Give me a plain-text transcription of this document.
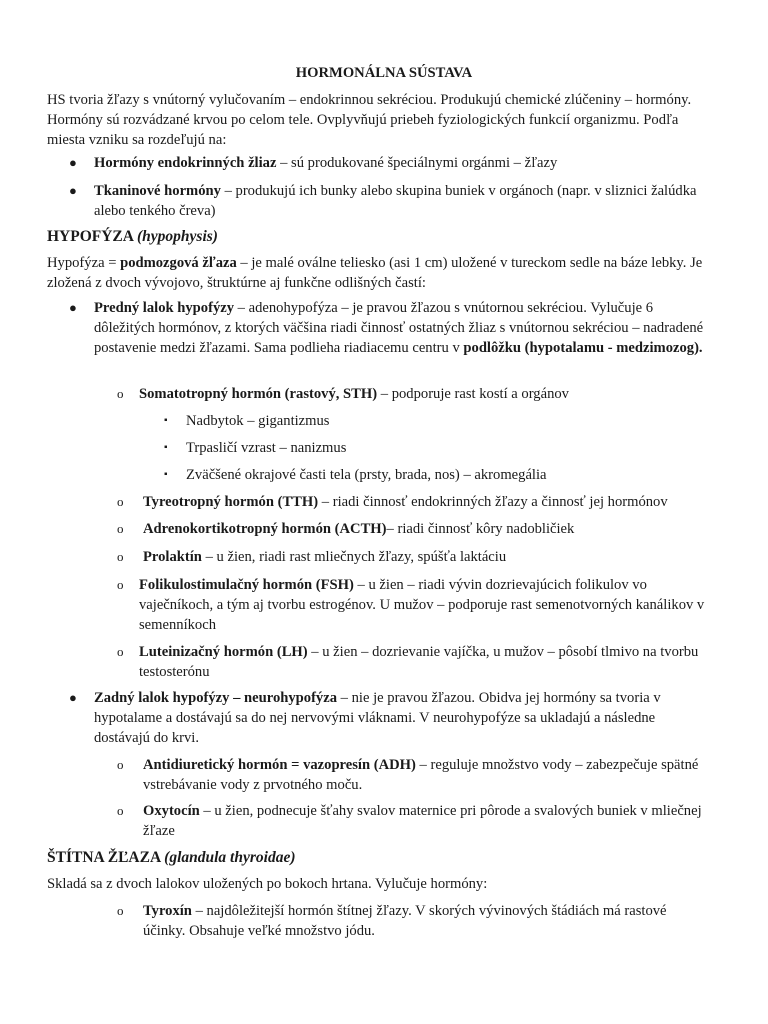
HORMONÁLNA SÚSTAVA
HS tvoria žľazy s vnútorný vylučovaním – endokrinnou sekréciou. Produkujú chemické zlúčeniny – hormóny. Hormóny sú rozvádzané krvou po celom tele. Ovplyvňujú priebeh fyziologických funkcií organizmu. Podľa miesta vzniku sa rozdeľujú na:
● Hormóny endokrinných žliaz – sú produkované špeciálnymi orgánmi – žľazy
● Tkaninové hormóny – produkujú ich bunky alebo skupina buniek v orgánoch (napr. v sliznici žalúdka alebo tenkého čreva)
HYPOFÝZA (hypophysis)
Hypofýza = podmozgová žľaza – je malé oválne teliesko (asi 1 cm) uložené v tureckom sedle na báze lebky. Je zložená z dvoch vývojovo, štruktúrne aj funkčne odlišných častí:
● Predný lalok hypofýzy – adenohypofýza – je pravou žľazou s vnútornou sekréciou. Vylučuje 6 dôležitých hormónov, z ktorých väčšina riadi činnosť ostatných žliaz s vnútornou sekréciou – nadradené postavenie medzi žľazami. Sama podlieha riadiacemu centru v podlôžku (hypotalamu - medzimozog).
o Somatotropný hormón (rastový, STH) – podporuje rast kostí a orgánov
▪ Nadbytok – gigantizmus
▪ Trpasličí vzrast – nanizmus
▪ Zväčšené okrajové časti tela (prsty, brada, nos) – akromegália
o Tyreotropný hormón (TTH) – riadi činnosť endokrinných žľazy a činnosť jej hormónov
o Adrenokortikotropný hormón (ACTH)– riadi činnosť kôry nadobličiek
o Prolaktín – u žien, riadi rast mliečnych žľazy, spúšťa laktáciu
o Folikulostimulačný hormón (FSH) – u žien – riadi vývin dozrievajúcich folikulov vo vaječníkoch, a tým aj tvorbu estrogénov. U mužov – podporuje rast semenotvorných kanálikov v semenníkoch
o Luteinizačný hormón (LH) – u žien – dozrievanie vajíčka, u mužov – pôsobí tlmivo na tvorbu testosterónu
● Zadný lalok hypofýzy – neurohypofýza – nie je pravou žľazou. Obidva jej hormóny sa tvoria v hypotalame a dostávajú sa do nej nervovými vláknami. V neurohypofýze sa ukladajú a následne dostávajú do krvi.
o Antidiuretický hormón = vazopresín (ADH) – reguluje množstvo vody – zabezpečuje spätné vstrebávanie vody z prvotného moču.
o Oxytocín – u žien, podnecuje šťahy svalov maternice pri pôrode a svalových buniek v mliečnej žľaze
ŠTÍTNA ŽĽAZA (glandula thyroidae)
Skladá sa z dvoch lalokov uložených po bokoch hrtana. Vylučuje hormóny:
o Tyroxín – najdôležitejší hormón štítnej žľazy. V skorých vývinových štádiách má rastové účinky. Obsahuje veľké množstvo jódu.
